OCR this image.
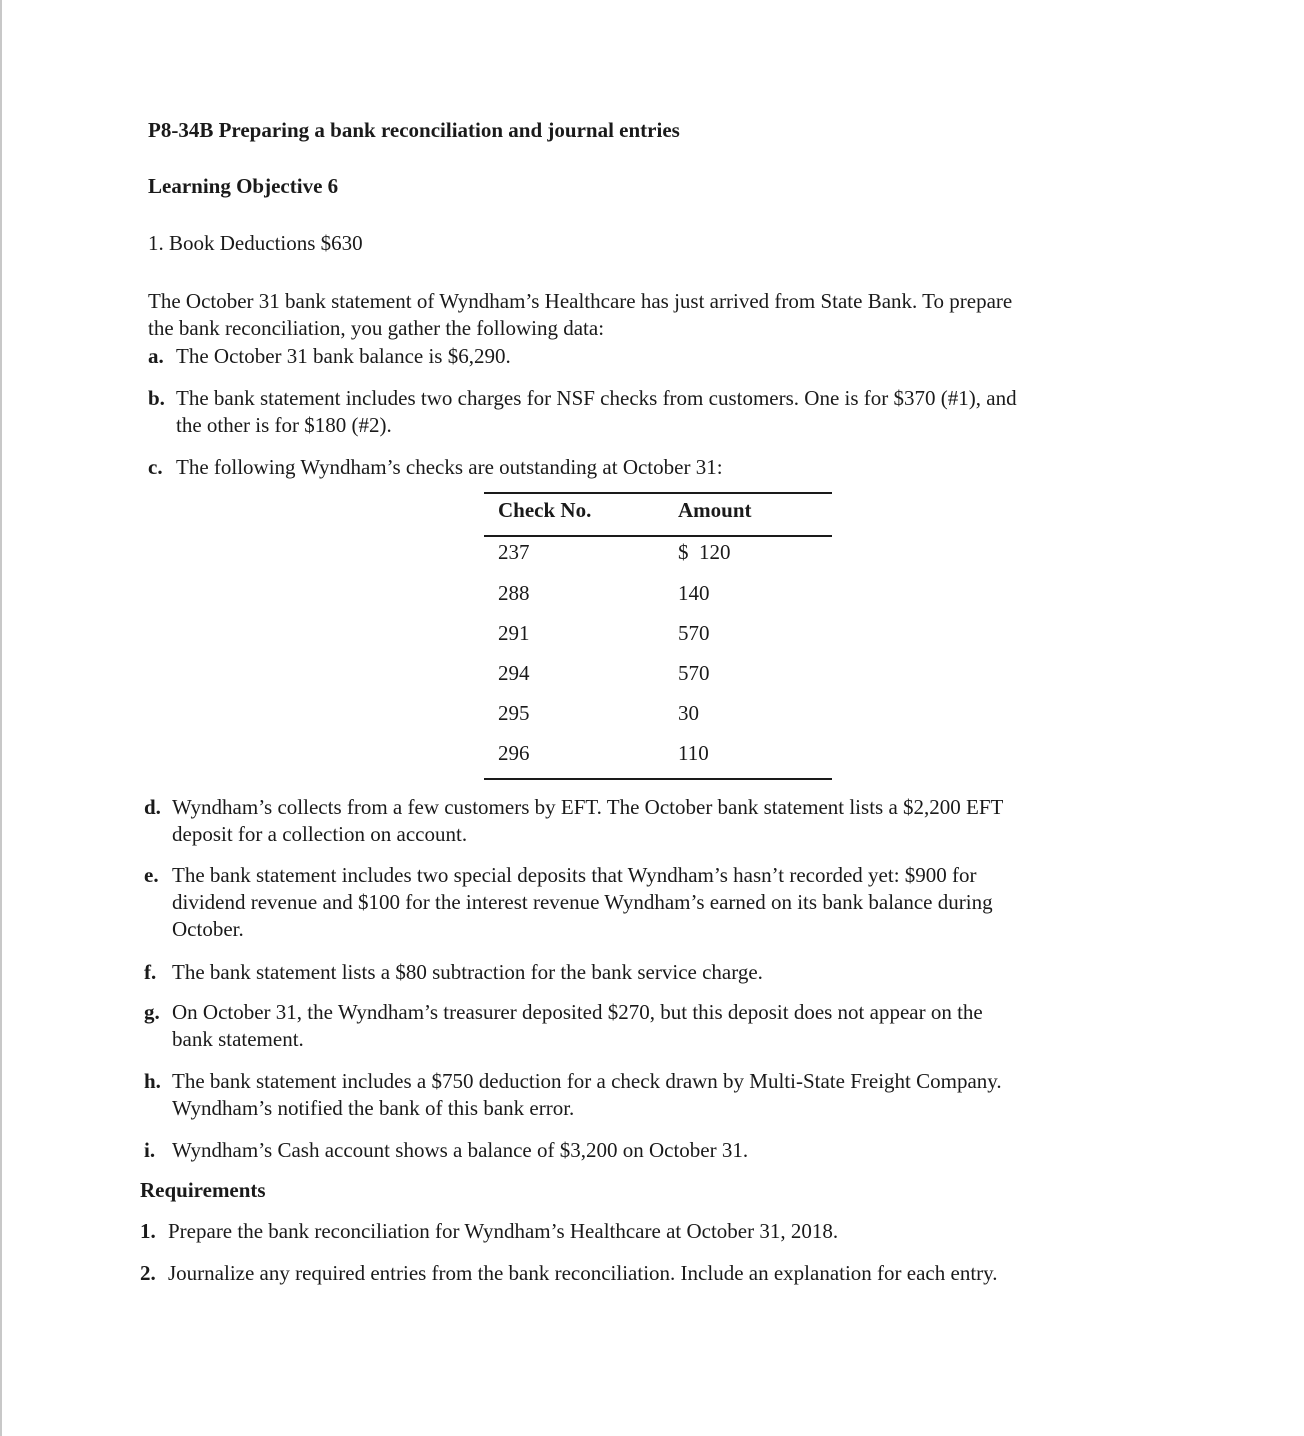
P8-34B Preparing a bank reconciliation and journal entries
Learning Objective 6
1. Book Deductions $630
The October 31 bank statement of Wyndham’s Healthcare has just arrived from State Bank. To prepare
the bank reconciliation, you gather the following data:
a. The October 31 bank balance is $6,290.
b. The bank statement includes two charges for NSF checks from customers. One is for $370 (#1), and
the other is for $180 (#2).
c. The following Wyndham’s checks are outstanding at October 31:
Check No.	Amount
237	$  120
288	140
291	570
294	570
295	30
296	110
d. Wyndham’s collects from a few customers by EFT. The October bank statement lists a $2,200 EFT
deposit for a collection on account.
e. The bank statement includes two special deposits that Wyndham’s hasn’t recorded yet: $900 for
dividend revenue and $100 for the interest revenue Wyndham’s earned on its bank balance during
October.
f. The bank statement lists a $80 subtraction for the bank service charge.
g. On October 31, the Wyndham’s treasurer deposited $270, but this deposit does not appear on the
bank statement.
h. The bank statement includes a $750 deduction for a check drawn by Multi-State Freight Company.
Wyndham’s notified the bank of this bank error.
i. Wyndham’s Cash account shows a balance of $3,200 on October 31.
Requirements
1. Prepare the bank reconciliation for Wyndham’s Healthcare at October 31, 2018.
2. Journalize any required entries from the bank reconciliation. Include an explanation for each entry.
